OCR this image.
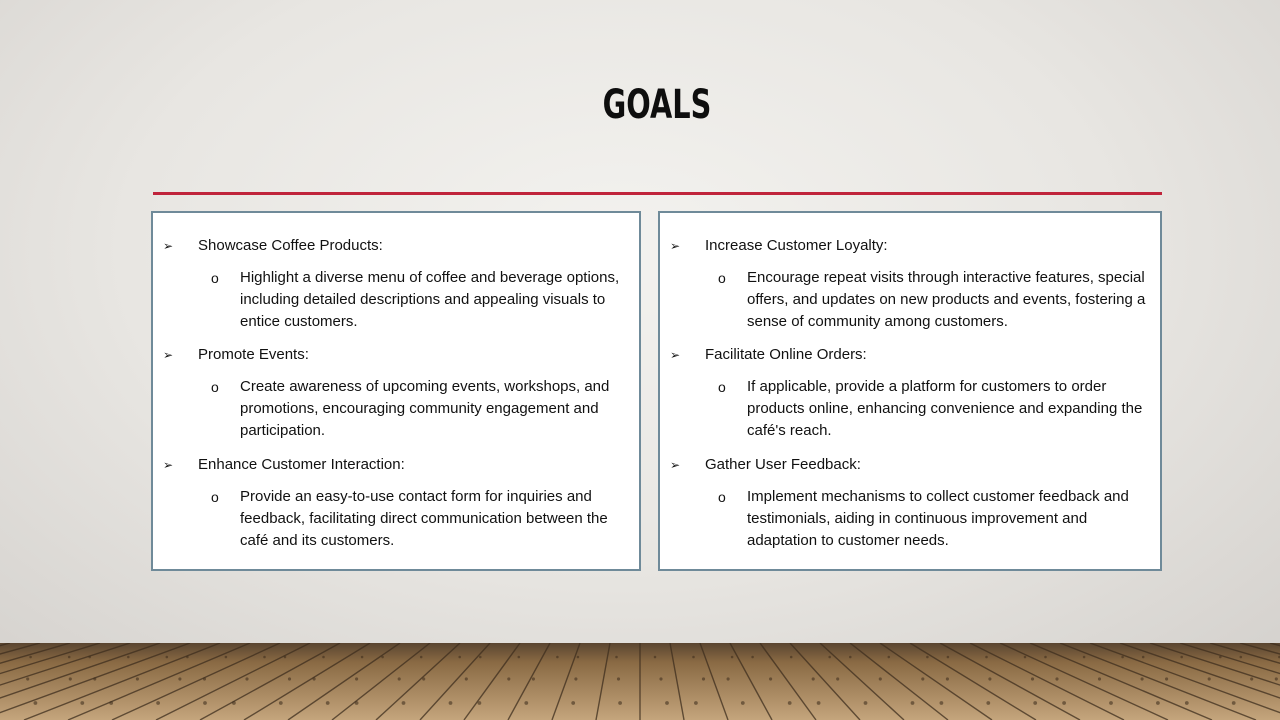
GOALS
➢ Showcase Coffee Products:
o Highlight a diverse menu of coffee and beverage options, including detailed descriptions and appealing visuals to entice customers.
➢ Promote Events:
o Create awareness of upcoming events, workshops, and promotions, encouraging community engagement and participation.
➢ Enhance Customer Interaction:
o Provide an easy-to-use contact form for inquiries and feedback, facilitating direct communication between the café and its customers.
➢ Increase Customer Loyalty:
o Encourage repeat visits through interactive features, special offers, and updates on new products and events, fostering a sense of community among customers.
➢ Facilitate Online Orders:
o If applicable, provide a platform for customers to order products online, enhancing convenience and expanding the café's reach.
➢ Gather User Feedback:
o Implement mechanisms to collect customer feedback and testimonials, aiding in continuous improvement and adaptation to customer needs.
